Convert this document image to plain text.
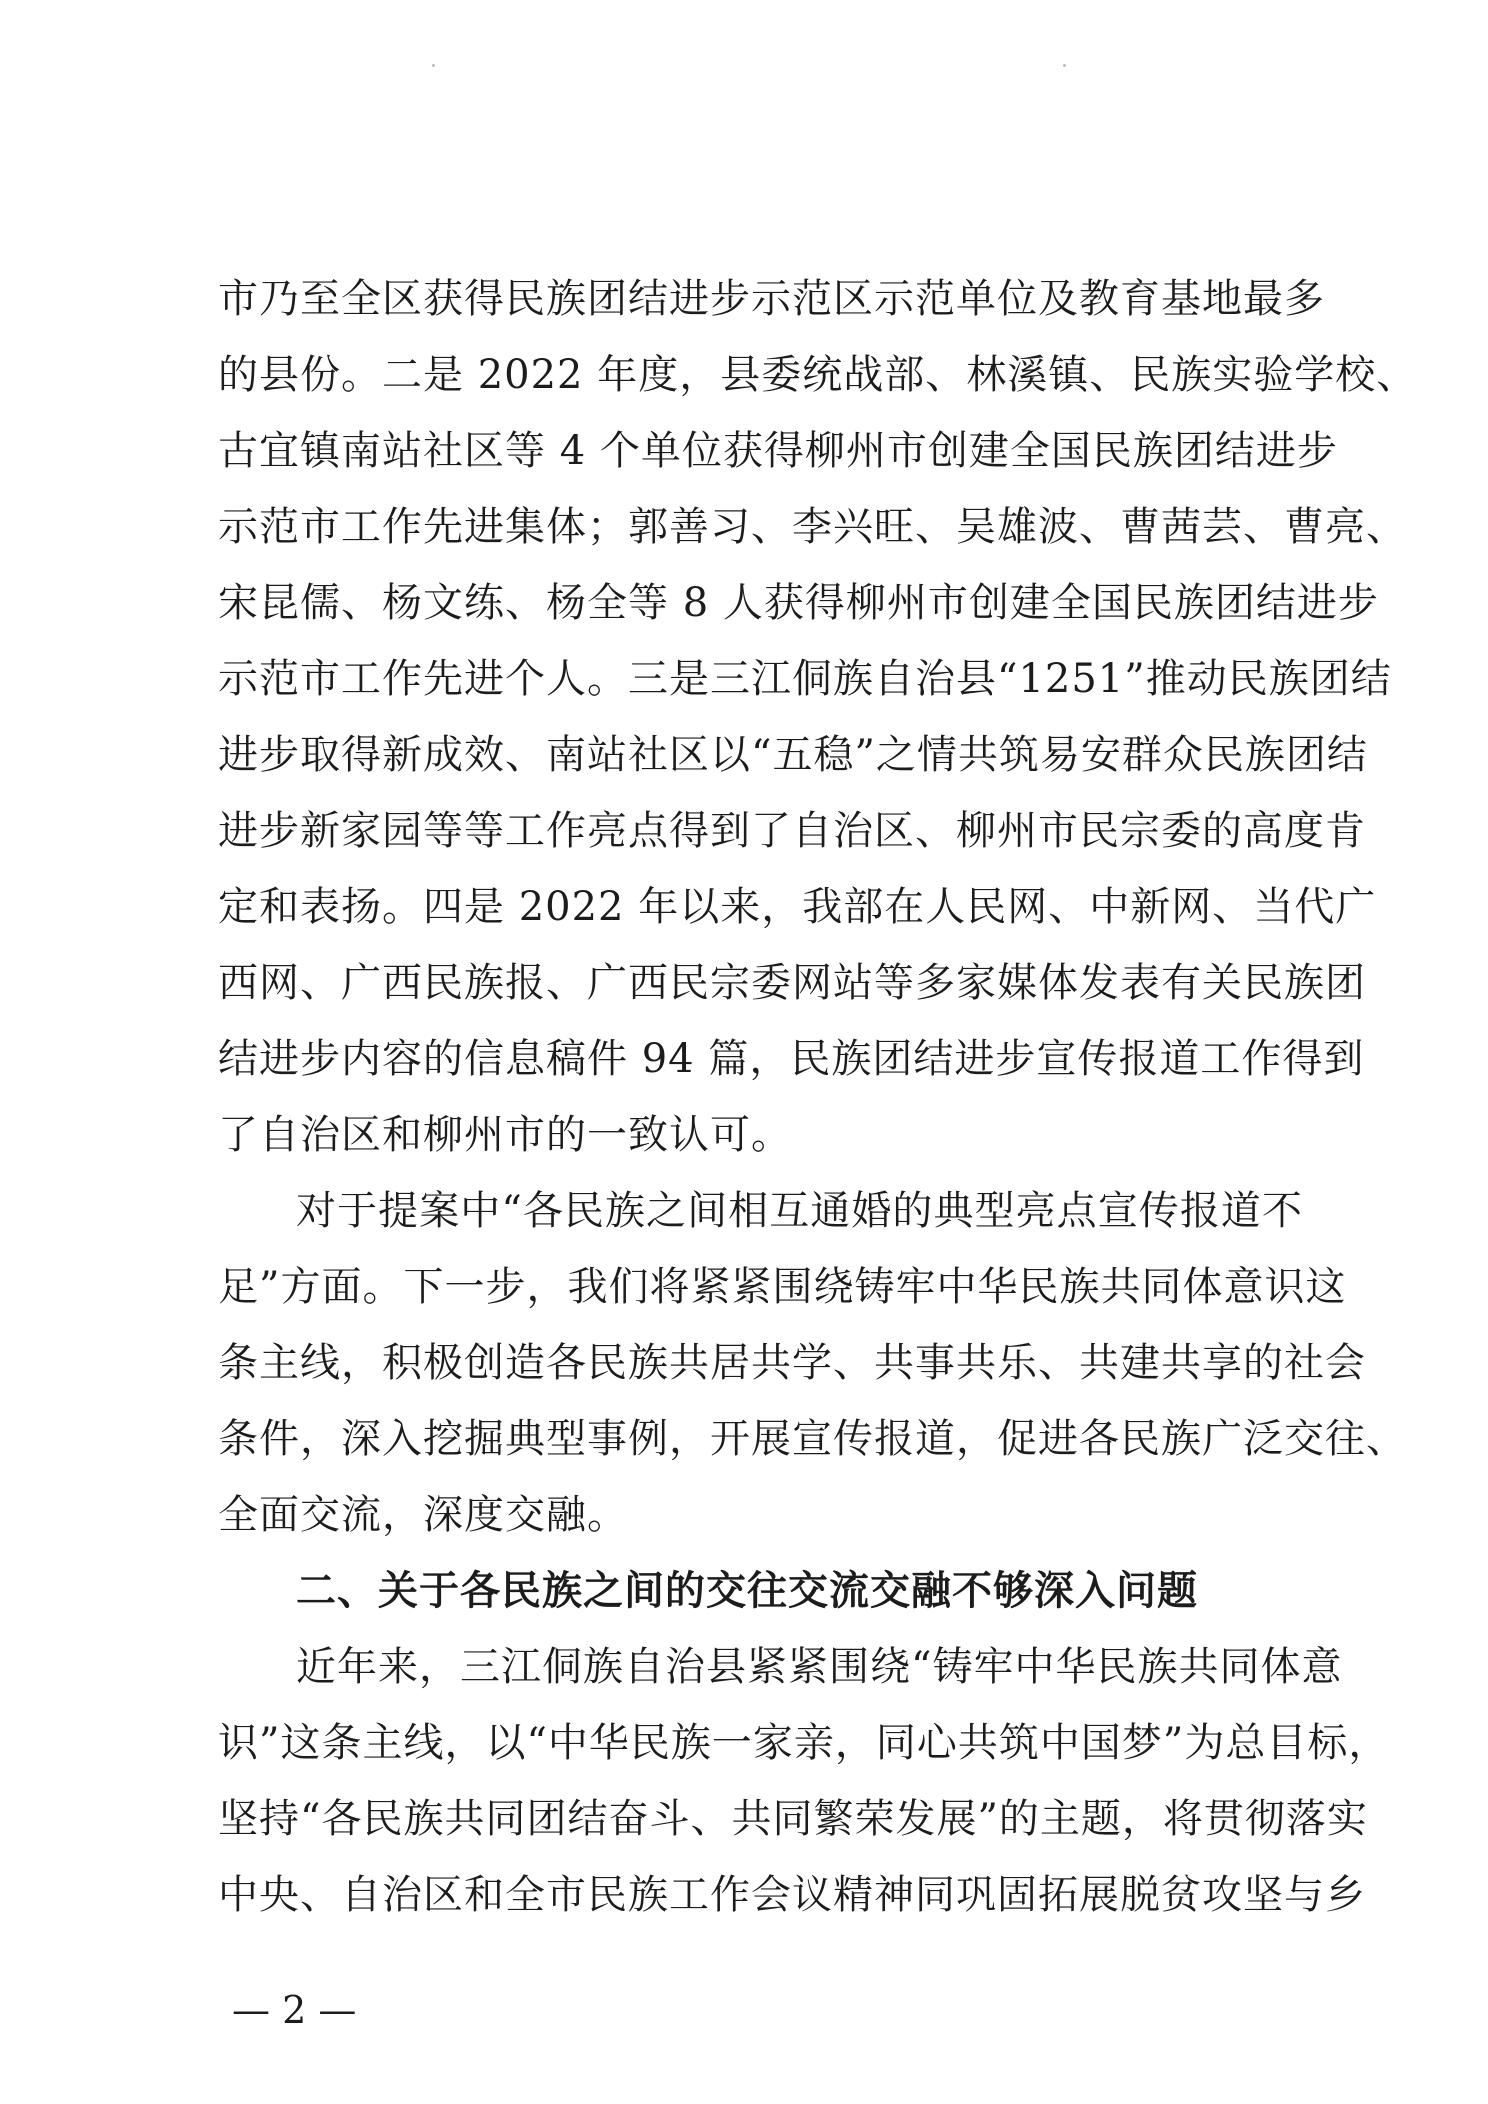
市乃至全区获得民族团结进步示范区示范单位及教育基地最多
的县份。二是 2022 年度，县委统战部、林溪镇、民族实验学校、
古宜镇南站社区等 4 个单位获得柳州市创建全国民族团结进步
示范市工作先进集体；郭善习、李兴旺、吴雄波、曹茜芸、曹亮、
宋昆儒、杨文练、杨全等 8 人获得柳州市创建全国民族团结进步
示范市工作先进个人。三是三江侗族自治县“1251”推动民族团结
进步取得新成效、南站社区以“五稳”之情共筑易安群众民族团结
进步新家园等等工作亮点得到了自治区、柳州市民宗委的高度肯
定和表扬。四是 2022 年以来，我部在人民网、中新网、当代广
西网、广西民族报、广西民宗委网站等多家媒体发表有关民族团
结进步内容的信息稿件 94 篇，民族团结进步宣传报道工作得到
了自治区和柳州市的一致认可。
对于提案中“各民族之间相互通婚的典型亮点宣传报道不
足”方面。下一步，我们将紧紧围绕铸牢中华民族共同体意识这
条主线，积极创造各民族共居共学、共事共乐、共建共享的社会
条件，深入挖掘典型事例，开展宣传报道，促进各民族广泛交往、
全面交流，深度交融。
二、关于各民族之间的交往交流交融不够深入问题
近年来，三江侗族自治县紧紧围绕“铸牢中华民族共同体意
识”这条主线，以“中华民族一家亲，同心共筑中国梦”为总目标，
坚持“各民族共同团结奋斗、共同繁荣发展”的主题，将贯彻落实
中央、自治区和全市民族工作会议精神同巩固拓展脱贫攻坚与乡
— 2 —
